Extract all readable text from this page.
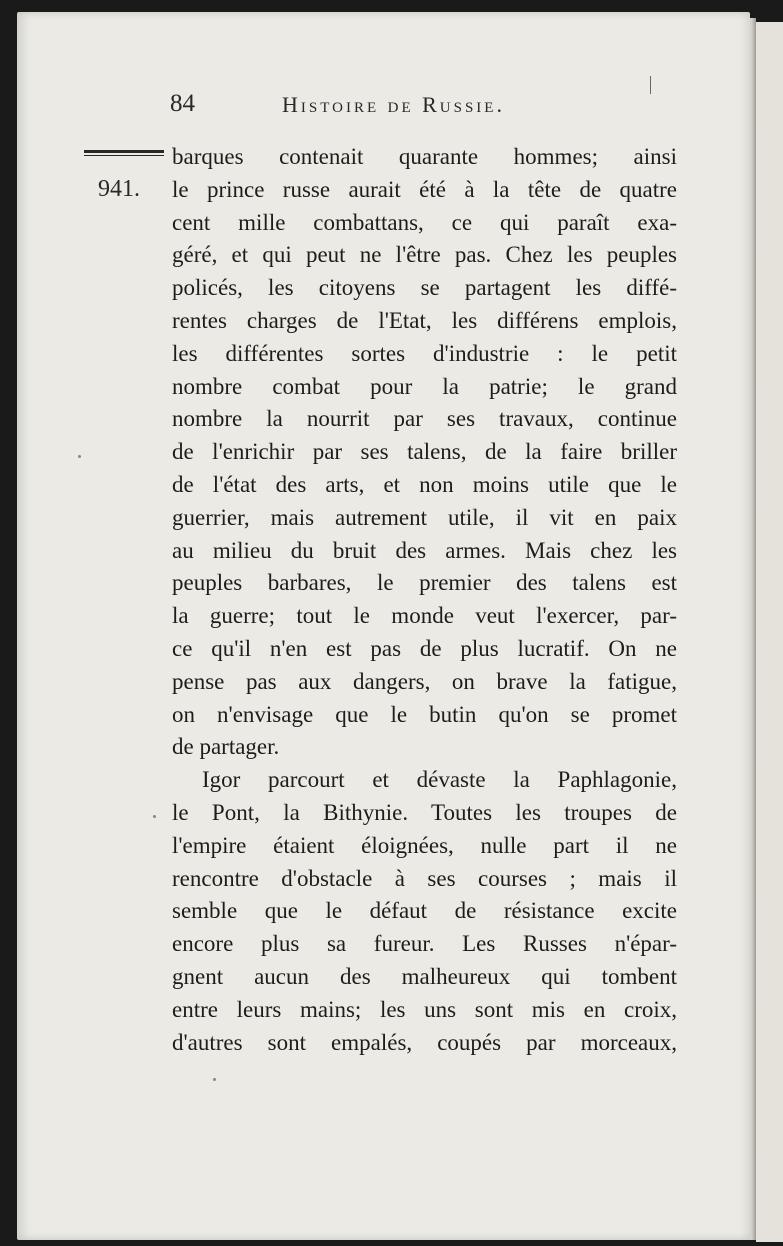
84	Histoire de Russie.
941.
barques contenait quarante hommes; ainsi
le prince russe aurait été à la tête de quatre
cent mille combattans, ce qui paraît exa-
géré, et qui peut ne l'être pas. Chez les peuples
policés, les citoyens se partagent les diffé-
rentes charges de l'Etat, les différens emplois,
les différentes sortes d'industrie : le petit
nombre combat pour la patrie; le grand
nombre la nourrit par ses travaux, continue
de l'enrichir par ses talens, de la faire briller
de l'état des arts, et non moins utile que le
guerrier, mais autrement utile, il vit en paix
au milieu du bruit des armes. Mais chez les
peuples barbares, le premier des talens est
la guerre; tout le monde veut l'exercer, par-
ce qu'il n'en est pas de plus lucratif. On ne
pense pas aux dangers, on brave la fatigue,
on n'envisage que le butin qu'on se promet
de partager.
Igor parcourt et dévaste la Paphlagonie,
le Pont, la Bithynie. Toutes les troupes de
l'empire étaient éloignées, nulle part il ne
rencontre d'obstacle à ses courses ; mais il
semble que le défaut de résistance excite
encore plus sa fureur. Les Russes n'épar-
gnent aucun des malheureux qui tombent
entre leurs mains; les uns sont mis en croix,
d'autres sont empalés, coupés par morceaux,
